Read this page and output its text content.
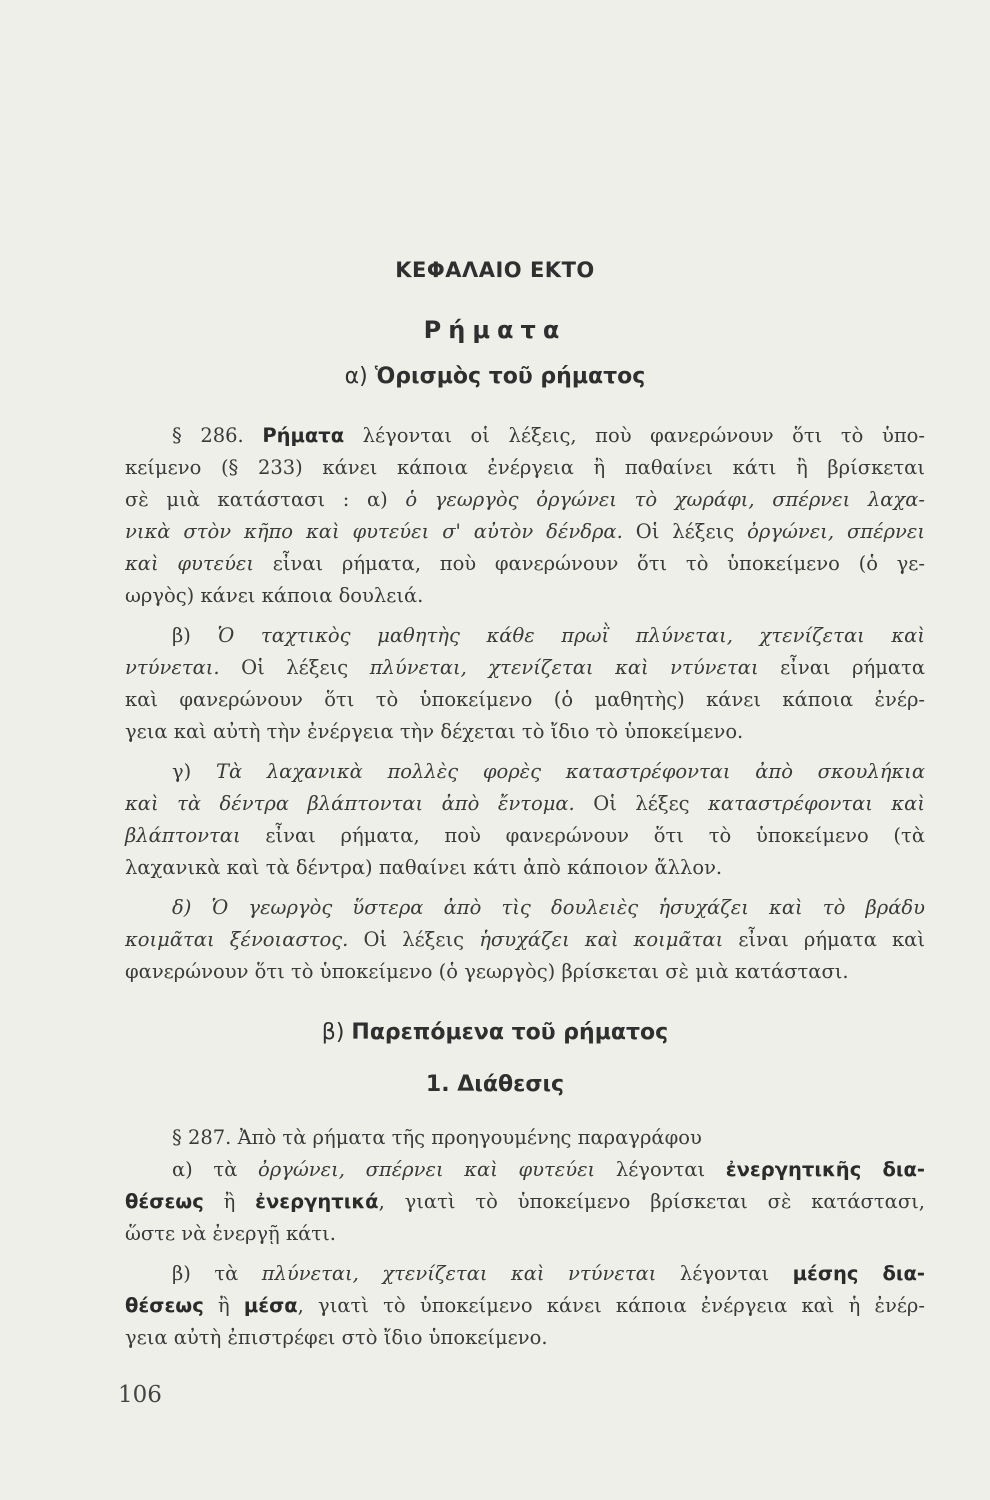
ΚΕΦΑΛΑΙΟ ΕΚΤΟ
Ρήματα
α) Ὁρισμὸς τοῦ ρήματος
§ 286. Ρήματα λέγονται οἱ λέξεις, ποὺ φανερώνουν ὅτι τὸ ὑπο-
κείμενο (§ 233) κάνει κάποια ἐνέργεια ἢ παθαίνει κάτι ἢ βρίσκεται
σὲ μιὰ κατάστασι : α) ὁ γεωργὸς ὀργώνει τὸ χωράφι, σπέρνει λαχα-
νικὰ στὸν κῆπο καὶ φυτεύει σ' αὐτὸν δένδρα. Οἱ λέξεις ὀργώνει, σπέρνει
καὶ φυτεύει εἶναι ρήματα, ποὺ φανερώνουν ὅτι τὸ ὑποκείμενο (ὁ γε-
ωργὸς) κάνει κάποια δουλειά.
β) Ὁ ταχτικὸς μαθητὴς κάθε πρωῒ πλύνεται, χτενίζεται καὶ
ντύνεται. Οἱ λέξεις πλύνεται, χτενίζεται καὶ ντύνεται εἶναι ρήματα
καὶ φανερώνουν ὅτι τὸ ὑποκείμενο (ὁ μαθητὴς) κάνει κάποια ἐνέρ-
γεια καὶ αὐτὴ τὴν ἐνέργεια τὴν δέχεται τὸ ἴδιο τὸ ὑποκείμενο.
γ) Τὰ λαχανικὰ πολλὲς φορὲς καταστρέφονται ἀπὸ σκουλήκια
καὶ τὰ δέντρα βλάπτονται ἀπὸ ἔντομα. Οἱ λέξες καταστρέφονται καὶ
βλάπτονται εἶναι ρήματα, ποὺ φανερώνουν ὅτι τὸ ὑποκείμενο (τὰ
λαχανικὰ καὶ τὰ δέντρα) παθαίνει κάτι ἀπὸ κάποιον ἄλλον.
δ) Ὁ γεωργὸς ὕστερα ἀπὸ τὶς δουλειὲς ἡσυχάζει καὶ τὸ βράδυ
κοιμᾶται ξένοιαστος. Οἱ λέξεις ἡσυχάζει καὶ κοιμᾶται εἶναι ρήματα καὶ
φανερώνουν ὅτι τὸ ὑποκείμενο (ὁ γεωργὸς) βρίσκεται σὲ μιὰ κατάστασι.
β) Παρεπόμενα τοῦ ρήματος
1. Διάθεσις
§ 287. Ἀπὸ τὰ ρήματα τῆς προηγουμένης παραγράφου
α) τὰ ὀργώνει, σπέρνει καὶ φυτεύει λέγονται ἐνεργητικῆς δια-
θέσεως ἢ ἐνεργητικά, γιατὶ τὸ ὑποκείμενο βρίσκεται σὲ κατάστασι,
ὥστε νὰ ἐνεργῇ κάτι.
β) τὰ πλύνεται, χτενίζεται καὶ ντύνεται λέγονται μέσης δια-
θέσεως ἢ μέσα, γιατὶ τὸ ὑποκείμενο κάνει κάποια ἐνέργεια καὶ ἡ ἐνέρ-
γεια αὐτὴ ἐπιστρέφει στὸ ἴδιο ὑποκείμενο.
106
